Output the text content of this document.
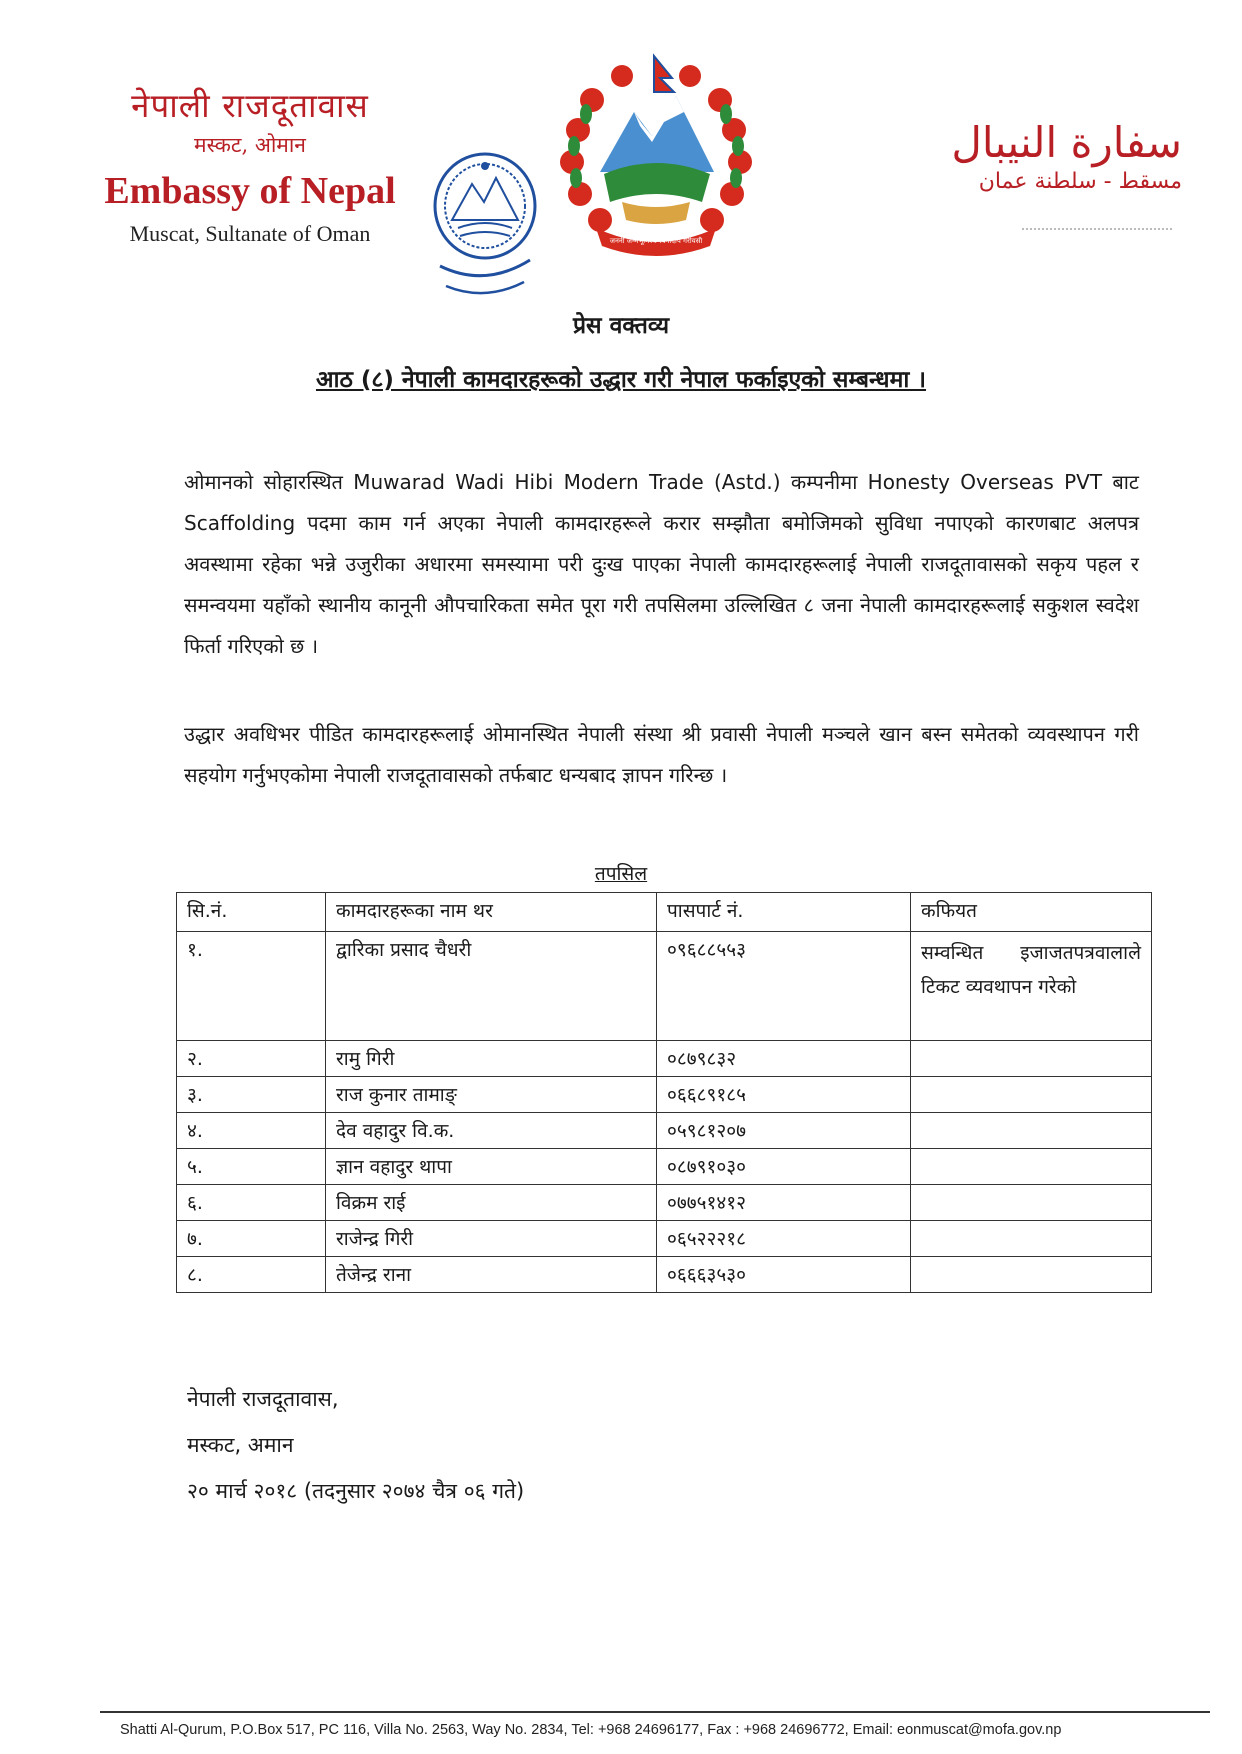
नेपाली राजदूतावास
मस्कट, ओमान
Embassy of Nepal
Muscat, Sultanate of Oman	जननी जन्मभूमिश्च स्वर्गादपि गरीयसी
سفارة النيبال
مسقط - سلطنة عمان
प्रेस वक्तव्य
आठ (८) नेपाली कामदारहरूको उद्धार गरी नेपाल फर्काइएको सम्बन्धमा ।
ओमानको सोहारस्थित Muwarad Wadi Hibi Modern Trade (Astd.) कम्पनीमा Honesty Overseas PVT बाट Scaffolding पदमा काम गर्न अएका नेपाली कामदारहरूले करार सम्झौता बमोजिमको सुविधा नपाएको कारणबाट अलपत्र अवस्थामा रहेका भन्ने उजुरीका अधारमा समस्यामा परी दुःख पाएका नेपाली कामदारहरूलाई नेपाली राजदूतावासको सकृय पहल र समन्वयमा यहाँको स्थानीय कानूनी औपचारिकता समेत पूरा गरी तपसिलमा उल्लिखित ८ जना नेपाली कामदारहरूलाई सकुशल स्वदेश फिर्ता गरिएको छ ।
उद्धार अवधिभर पीडित कामदारहरूलाई ओमानस्थित नेपाली संस्था श्री प्रवासी नेपाली मञ्चले खान बस्न समेतको व्यवस्थापन गरी सहयोग गर्नुभएकोमा नेपाली राजदूतावासको तर्फबाट धन्यबाद ज्ञापन गरिन्छ ।
तपसिल
सि.नं.	कामदारहरूका नाम थर	पासपार्ट नं.	कफियत
१.	द्वारिका प्रसाद चैधरी	०९६८८५५३	सम्वन्धित इजाजतपत्रवालाले टिकट व्यवथापन गरेको
२.	रामु गिरी	०८७९८३२	
३.	राज कुनार तामाङ्	०६६८९१८५	
४.	देव वहादुर वि.क.	०५९८१२०७	
५.	ज्ञान वहादुर थापा	०८७९१०३०	
६.	विक्रम राई	०७७५१४१२	
७.	राजेन्द्र गिरी	०६५२२२१८	
८.	तेजेन्द्र राना	०६६६३५३०	
नेपाली राजदूतावास,
मस्कट, अमान
२० मार्च २०१८ (तदनुसार २०७४ चैत्र ०६ गते)
Shatti Al-Qurum, P.O.Box 517, PC 116, Villa No. 2563, Way No. 2834, Tel: +968 24696177, Fax : +968 24696772, Email: eonmuscat@mofa.gov.np
